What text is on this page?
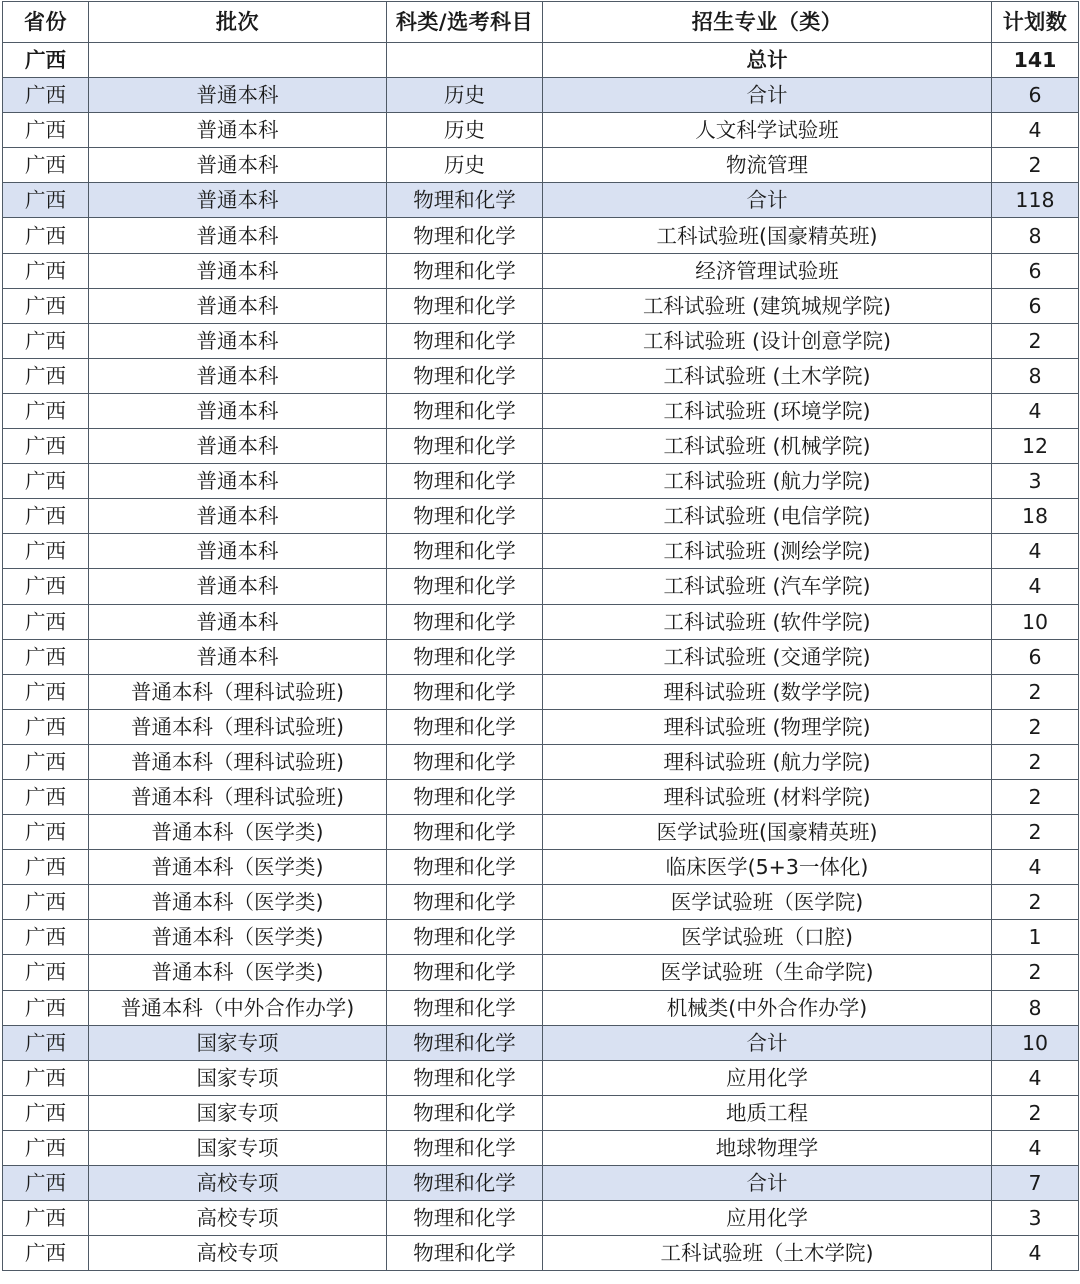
省份	批次	科类/选考科目	招生专业（类）	计划数
广西			总计	141
广西	普通本科	历史	合计	6
广西	普通本科	历史	人文科学试验班	4
广西	普通本科	历史	物流管理	2
广西	普通本科	物理和化学	合计	118
广西	普通本科	物理和化学	工科试验班(国豪精英班)	8
广西	普通本科	物理和化学	经济管理试验班	6
广西	普通本科	物理和化学	工科试验班 (建筑城规学院)	6
广西	普通本科	物理和化学	工科试验班 (设计创意学院)	2
广西	普通本科	物理和化学	工科试验班 (土木学院)	8
广西	普通本科	物理和化学	工科试验班 (环境学院)	4
广西	普通本科	物理和化学	工科试验班 (机械学院)	12
广西	普通本科	物理和化学	工科试验班 (航力学院)	3
广西	普通本科	物理和化学	工科试验班 (电信学院)	18
广西	普通本科	物理和化学	工科试验班 (测绘学院)	4
广西	普通本科	物理和化学	工科试验班 (汽车学院)	4
广西	普通本科	物理和化学	工科试验班 (软件学院)	10
广西	普通本科	物理和化学	工科试验班 (交通学院)	6
广西	普通本科（理科试验班)	物理和化学	理科试验班 (数学学院)	2
广西	普通本科（理科试验班)	物理和化学	理科试验班 (物理学院)	2
广西	普通本科（理科试验班)	物理和化学	理科试验班 (航力学院)	2
广西	普通本科（理科试验班)	物理和化学	理科试验班 (材料学院)	2
广西	普通本科（医学类)	物理和化学	医学试验班(国豪精英班)	2
广西	普通本科（医学类)	物理和化学	临床医学(5+3一体化)	4
广西	普通本科（医学类)	物理和化学	医学试验班（医学院)	2
广西	普通本科（医学类)	物理和化学	医学试验班（口腔)	1
广西	普通本科（医学类)	物理和化学	医学试验班（生命学院)	2
广西	普通本科（中外合作办学)	物理和化学	机械类(中外合作办学)	8
广西	国家专项	物理和化学	合计	10
广西	国家专项	物理和化学	应用化学	4
广西	国家专项	物理和化学	地质工程	2
广西	国家专项	物理和化学	地球物理学	4
广西	高校专项	物理和化学	合计	7
广西	高校专项	物理和化学	应用化学	3
广西	高校专项	物理和化学	工科试验班（土木学院)	4
